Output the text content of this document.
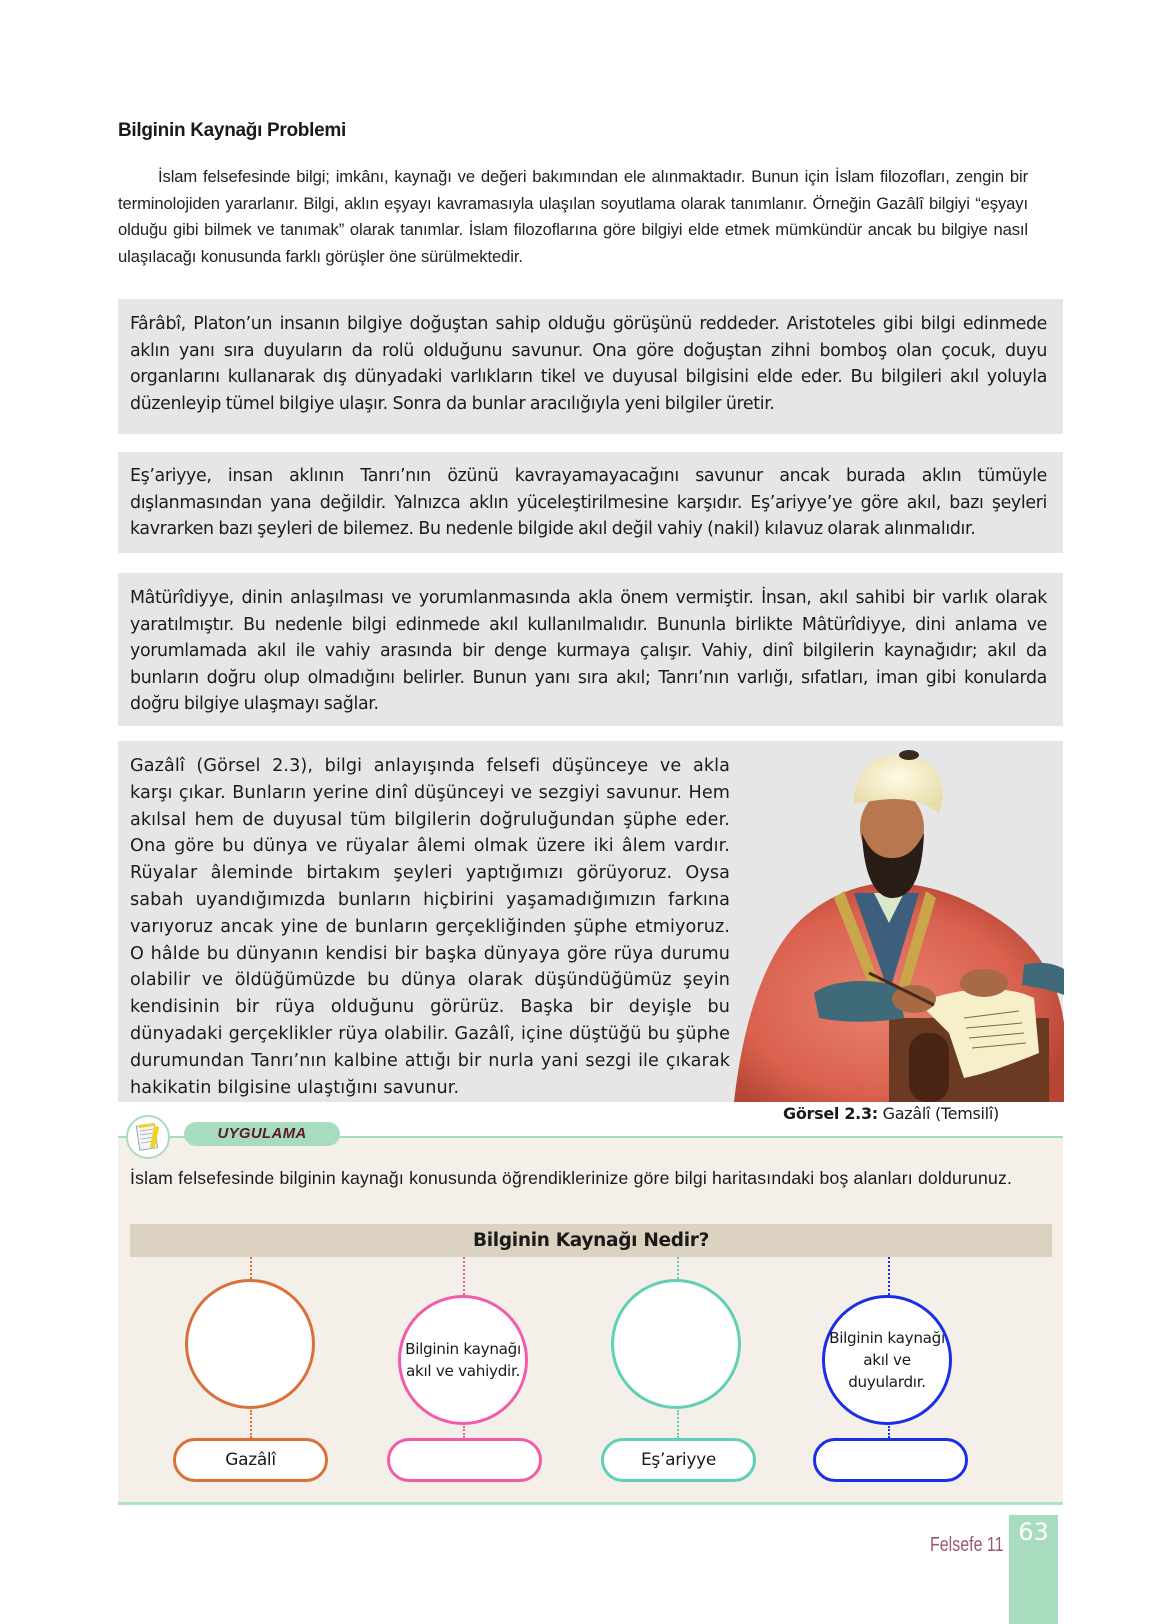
Bilginin Kaynağı Problemi

İslam felsefesinde bilgi; imkânı, kaynağı ve değeri bakımından ele alınmaktadır. Bunun için İslam filozofları, zengin bir terminolojiden yararlanır. Bilgi, aklın eşyayı kavramasıyla ulaşılan soyutlama olarak tanımlanır. Örneğin Gazâlî bilgiyi “eşyayı olduğu gibi bilmek ve tanımak” olarak tanımlar. İslam filozoflarına göre bilgiyi elde etmek mümkündür ancak bu bilgiye nasıl ulaşılacağı konusunda farklı görüşler öne sürülmektedir.

Fârâbî, Platon’un insanın bilgiye doğuştan sahip olduğu görüşünü reddeder. Aristoteles gibi bilgi edinmede aklın yanı sıra duyuların da rolü olduğunu savunur. Ona göre doğuştan zihni bomboş olan çocuk, duyu organlarını kullanarak dış dünyadaki varlıkların tikel ve duyusal bilgisini elde eder. Bu bilgileri akıl yoluyla düzenleyip tümel bilgiye ulaşır. Sonra da bunlar aracılığıyla yeni bilgiler üretir.

Eş’ariyye, insan aklının Tanrı’nın özünü kavrayamayacağını savunur ancak burada aklın tümüyle dışlanmasından yana değildir. Yalnızca aklın yüceleştirilmesine karşıdır. Eş’ariyye’ye göre akıl, bazı şeyleri kavrarken bazı şeyleri de bilemez. Bu nedenle bilgide akıl değil vahiy (nakil) kılavuz olarak alınmalıdır.

Mâtürîdiyye, dinin anlaşılması ve yorumlanmasında akla önem vermiştir. İnsan, akıl sahibi bir varlık olarak yaratılmıştır. Bu nedenle bilgi edinmede akıl kullanılmalıdır. Bununla birlikte Mâtürîdiyye, dini anlama ve yorumlamada akıl ile vahiy arasında bir denge kurmaya çalışır. Vahiy, dinî bilgilerin kaynağıdır; akıl da bunların doğru olup olmadığını belirler. Bunun yanı sıra akıl; Tanrı’nın varlığı, sıfatları, iman gibi konularda doğru bilgiye ulaşmayı sağlar.

Gazâlî (Görsel 2.3), bilgi anlayışında felsefi düşünceye ve akla karşı çıkar. Bunların yerine dinî düşünceyi ve sezgiyi savunur. Hem akılsal hem de duyusal tüm bilgilerin doğruluğundan şüphe eder. Ona göre bu dünya ve rüyalar âlemi olmak üzere iki âlem vardır. Rüyalar âleminde birtakım şeyleri yaptığımızı görüyoruz. Oysa sabah uyandığımızda bunların hiçbirini yaşamadığımızın farkına varıyoruz ancak yine de bunların gerçekliğinden şüphe etmiyoruz. O hâlde bu dünyanın kendisi bir başka dünyaya göre rüya durumu olabilir ve öldüğümüzde bu dünya olarak düşündüğümüz şeyin kendisinin bir rüya olduğunu görürüz. Başka bir deyişle bu dünyadaki gerçeklikler rüya olabilir. Gazâlî, içine düştüğü bu şüphe durumundan Tanrı’nın kalbine attığı bir nurla yani sezgi ile çıkarak hakikatin bilgisine ulaştığını savunur.

Görsel 2.3: Gazâlî (Temsilî)
UYGULAMA
İslam felsefesinde bilginin kaynağı konusunda öğrendiklerinize göre bilgi haritasındaki boş alanları doldurunuz.
Bilginin Kaynağı Nedir?
Gazâlî
Bilginin kaynağı akıl ve vahiydir.
Eş’ariyye
Bilginin kaynağı akıl ve duyulardır.
Felsefe 11 63
